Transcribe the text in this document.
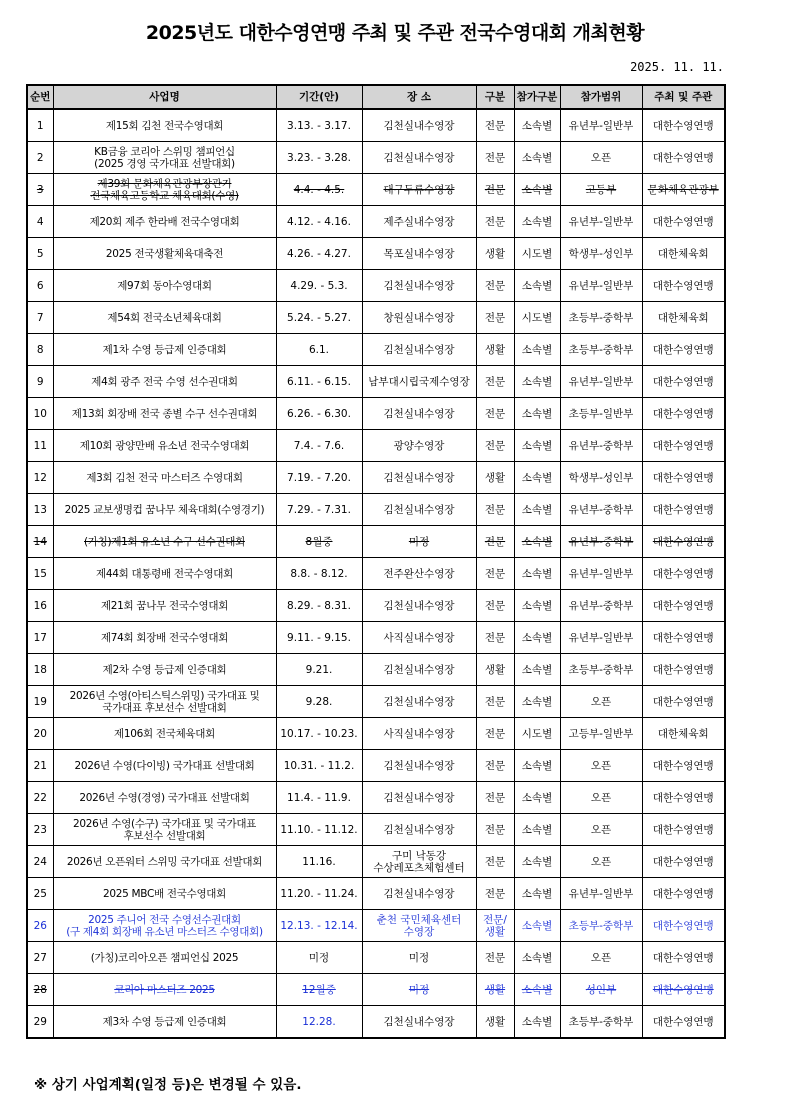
2025년도 대한수영연맹 주최 및 주관 전국수영대회 개최현황
2025. 11. 11.
순번	사업명	기간(안)	장 소	구분	참가구분	참가범위	주최 및 주관
1	제15회 김천 전국수영대회	3.13. - 3.17.	김천실내수영장	전문	소속별	유년부-일반부	대한수영연맹
2	KB금융 코리아 스위밍 챔피언십
(2025 경영 국가대표 선발대회)	3.23. - 3.28.	김천실내수영장	전문	소속별	오픈	대한수영연맹
3	제39회 문화체육관광부장관기
전국체육고등학교 체육대회(수영)	4.4. - 4.5.	대구두류수영장	전문	소속별	고등부	문화체육관광부
4	제20회 제주 한라배 전국수영대회	4.12. - 4.16.	제주실내수영장	전문	소속별	유년부-일반부	대한수영연맹
5	2025 전국생활체육대축전	4.26. - 4.27.	목포실내수영장	생활	시도별	학생부-성인부	대한체육회
6	제97회 동아수영대회	4.29. - 5.3.	김천실내수영장	전문	소속별	유년부-일반부	대한수영연맹
7	제54회 전국소년체육대회	5.24. - 5.27.	창원실내수영장	전문	시도별	초등부-중학부	대한체육회
8	제1차 수영 등급제 인증대회	6.1.	김천실내수영장	생활	소속별	초등부-중학부	대한수영연맹
9	제4회 광주 전국 수영 선수권대회	6.11. - 6.15.	남부대시립국제수영장	전문	소속별	유년부-일반부	대한수영연맹
10	제13회 회장배 전국 종별 수구 선수권대회	6.26. - 6.30.	김천실내수영장	전문	소속별	초등부-일반부	대한수영연맹
11	제10회 광양만배 유소년 전국수영대회	7.4. - 7.6.	광양수영장	전문	소속별	유년부-중학부	대한수영연맹
12	제3회 김천 전국 마스터즈 수영대회	7.19. - 7.20.	김천실내수영장	생활	소속별	학생부-성인부	대한수영연맹
13	2025 교보생명컵 꿈나무 체육대회(수영경기)	7.29. - 7.31.	김천실내수영장	전문	소속별	유년부-중학부	대한수영연맹
14	(가칭)제1회 유소년 수구 선수권대회	8월중	미정	전문	소속별	유년부-중학부	대한수영연맹
15	제44회 대통령배 전국수영대회	8.8. - 8.12.	전주완산수영장	전문	소속별	유년부-일반부	대한수영연맹
16	제21회 꿈나무 전국수영대회	8.29. - 8.31.	김천실내수영장	전문	소속별	유년부-중학부	대한수영연맹
17	제74회 회장배 전국수영대회	9.11. - 9.15.	사직실내수영장	전문	소속별	유년부-일반부	대한수영연맹
18	제2차 수영 등급제 인증대회	9.21.	김천실내수영장	생활	소속별	초등부-중학부	대한수영연맹
19	2026년 수영(아티스틱스위밍) 국가대표 및
국가대표 후보선수 선발대회	9.28.	김천실내수영장	전문	소속별	오픈	대한수영연맹
20	제106회 전국체육대회	10.17. - 10.23.	사직실내수영장	전문	시도별	고등부-일반부	대한체육회
21	2026년 수영(다이빙) 국가대표 선발대회	10.31. - 11.2.	김천실내수영장	전문	소속별	오픈	대한수영연맹
22	2026년 수영(경영) 국가대표 선발대회	11.4. - 11.9.	김천실내수영장	전문	소속별	오픈	대한수영연맹
23	2026년 수영(수구) 국가대표 및 국가대표
후보선수 선발대회	11.10. - 11.12.	김천실내수영장	전문	소속별	오픈	대한수영연맹
24	2026년 오픈워터 스위밍 국가대표 선발대회	11.16.	구미 낙동강
수상레포츠체험센터	전문	소속별	오픈	대한수영연맹
25	2025 MBC배 전국수영대회	11.20. - 11.24.	김천실내수영장	전문	소속별	유년부-일반부	대한수영연맹
26	2025 주니어 전국 수영선수권대회
(구 제4회 회장배 유소년 마스터즈 수영대회)	12.13. - 12.14.	춘천 국민체육센터
수영장	전문/
생활	소속별	초등부-중학부	대한수영연맹
27	(가칭)코리아오픈 챔피언십 2025	미정	미정	전문	소속별	오픈	대한수영연맹
28	코리아 마스터즈 2025	12월중	미정	생활	소속별	성인부	대한수영연맹
29	제3차 수영 등급제 인증대회	12.28.	김천실내수영장	생활	소속별	초등부-중학부	대한수영연맹
※ 상기 사업계획(일정 등)은 변경될 수 있음.
